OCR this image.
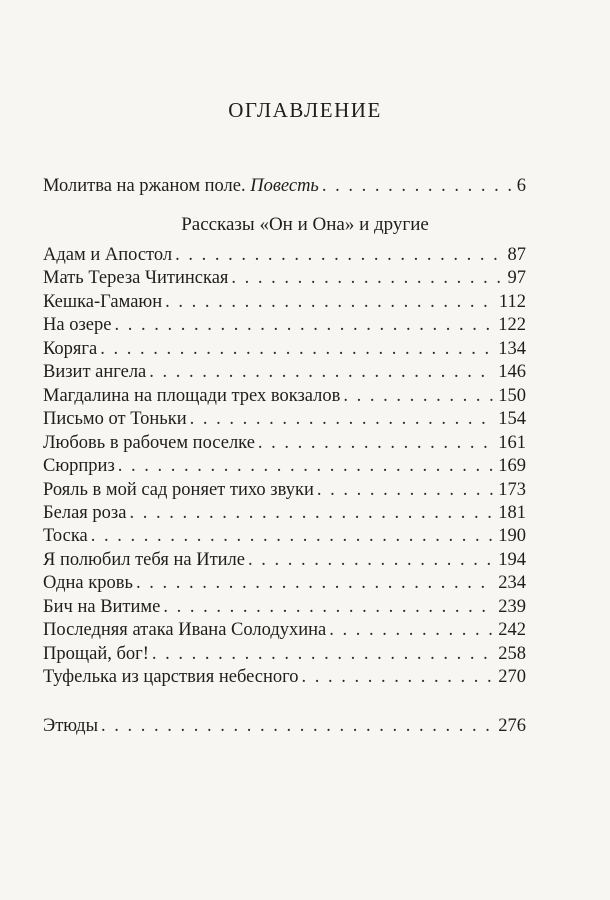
ОГЛАВЛЕНИЕ
Молитва на ржаном поле. Повесть . . .	6
Рассказы «Он и Она» и другие
Адам и Апостол . . .	87
Мать Тереза Читинская . . .	97
Кешка-Гамаюн . . .	112
На озере . . .	122
Коряга . . .	134
Визит ангела . . .	146
Магдалина на площади трех вокзалов . . .	150
Письмо от Тоньки . . .	154
Любовь в рабочем поселке . . .	161
Сюрприз . . .	169
Рояль в мой сад роняет тихо звуки . . .	173
Белая роза . . .	181
Тоска . . .	190
Я полюбил тебя на Итиле . . .	194
Одна кровь . . .	234
Бич на Витиме . . .	239
Последняя атака Ивана Солодухина . . .	242
Прощай, бог! . . .	258
Туфелька из царствия небесного . . .	270
Этюды . . .	276
